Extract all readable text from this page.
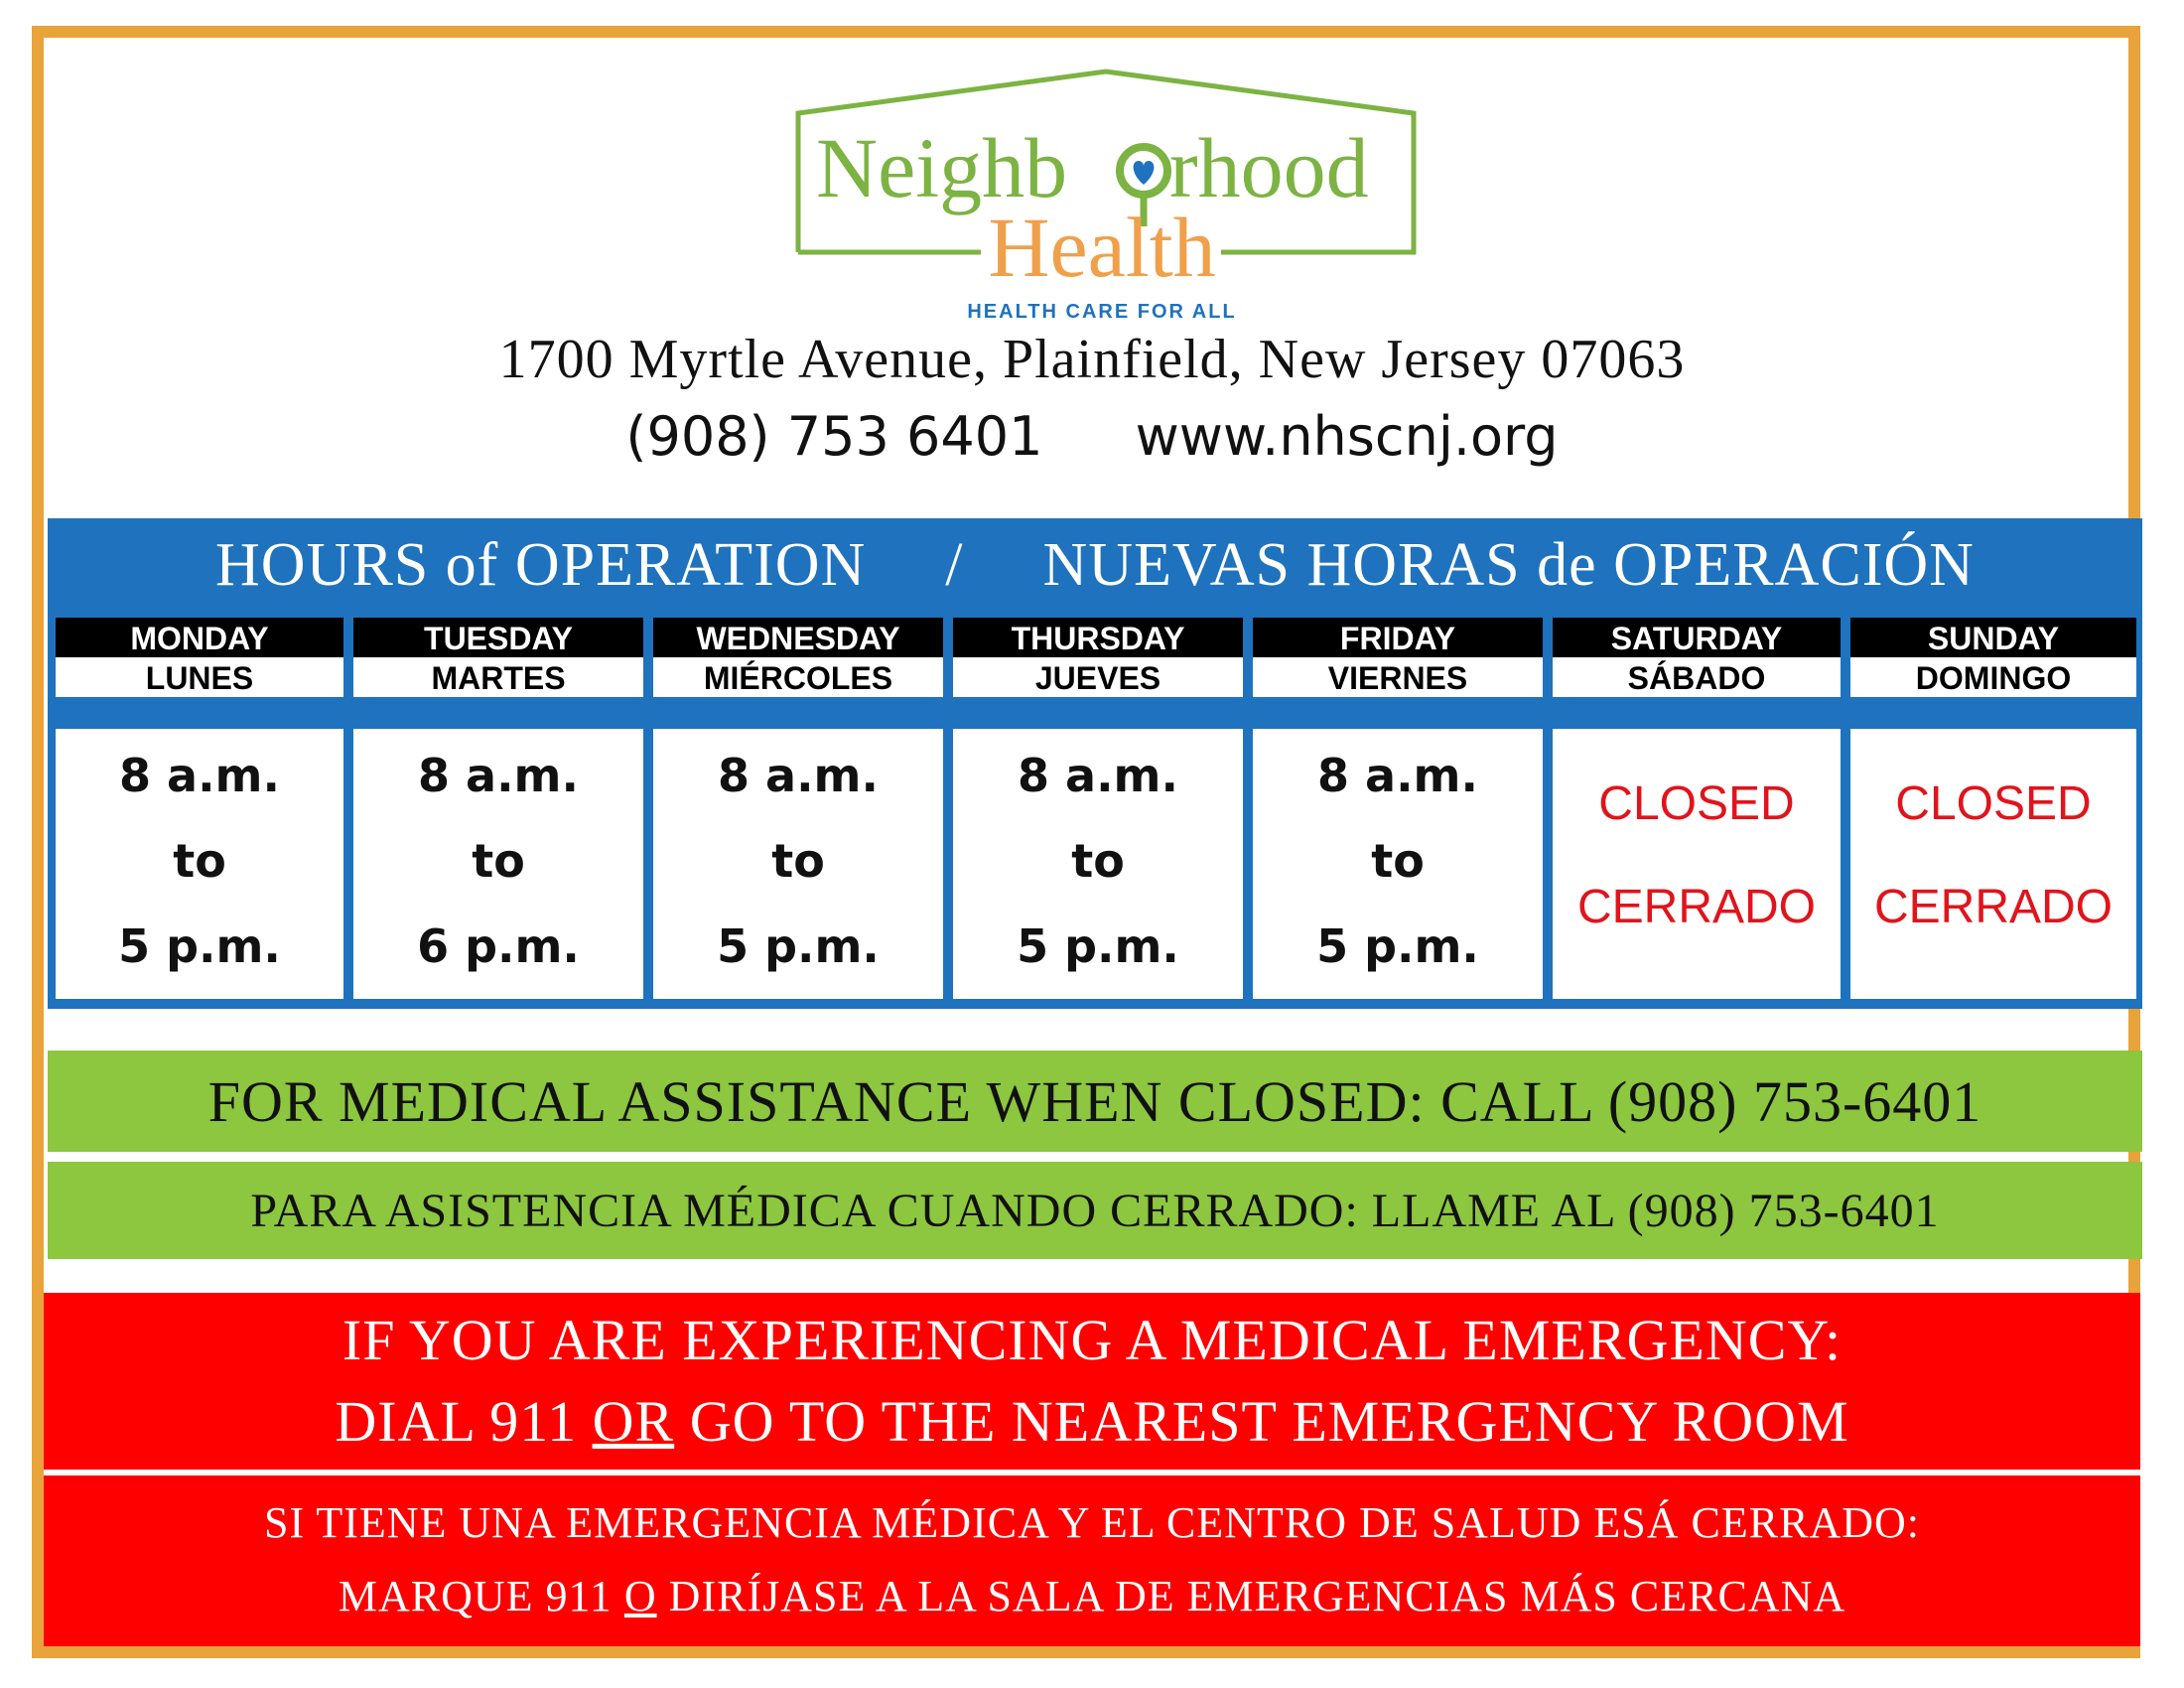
Neighb rhood
Health
HEALTH CARE FOR ALL
1700 Myrtle Avenue, Plainfield, New Jersey 07063
(908) 753 6401 www.nhscnj.org
HOURS of OPERATION / NUEVAS HORAS de OPERACIÓN
MONDAY
LUNES
8 a.m.
to
5 p.m.
TUESDAY
MARTES
8 a.m.
to
6 p.m.
WEDNESDAY
MIÉRCOLES
8 a.m.
to
5 p.m.
THURSDAY
JUEVES
8 a.m.
to
5 p.m.
FRIDAY
VIERNES
8 a.m.
to
5 p.m.
SATURDAY
SÁBADO
CLOSED
CERRADO
SUNDAY
DOMINGO
CLOSED
CERRADO
FOR MEDICAL ASSISTANCE WHEN CLOSED: CALL (908) 753-6401
PARA ASISTENCIA MÉDICA CUANDO CERRADO: LLAME AL (908) 753-6401
IF YOU ARE EXPERIENCING A MEDICAL EMERGENCY:
DIAL 911 OR GO TO THE NEAREST EMERGENCY ROOM
SI TIENE UNA EMERGENCIA MÉDICA Y EL CENTRO DE SALUD ESÁ CERRADO:
MARQUE 911 O DIRÍJASE A LA SALA DE EMERGENCIAS MÁS CERCANA
